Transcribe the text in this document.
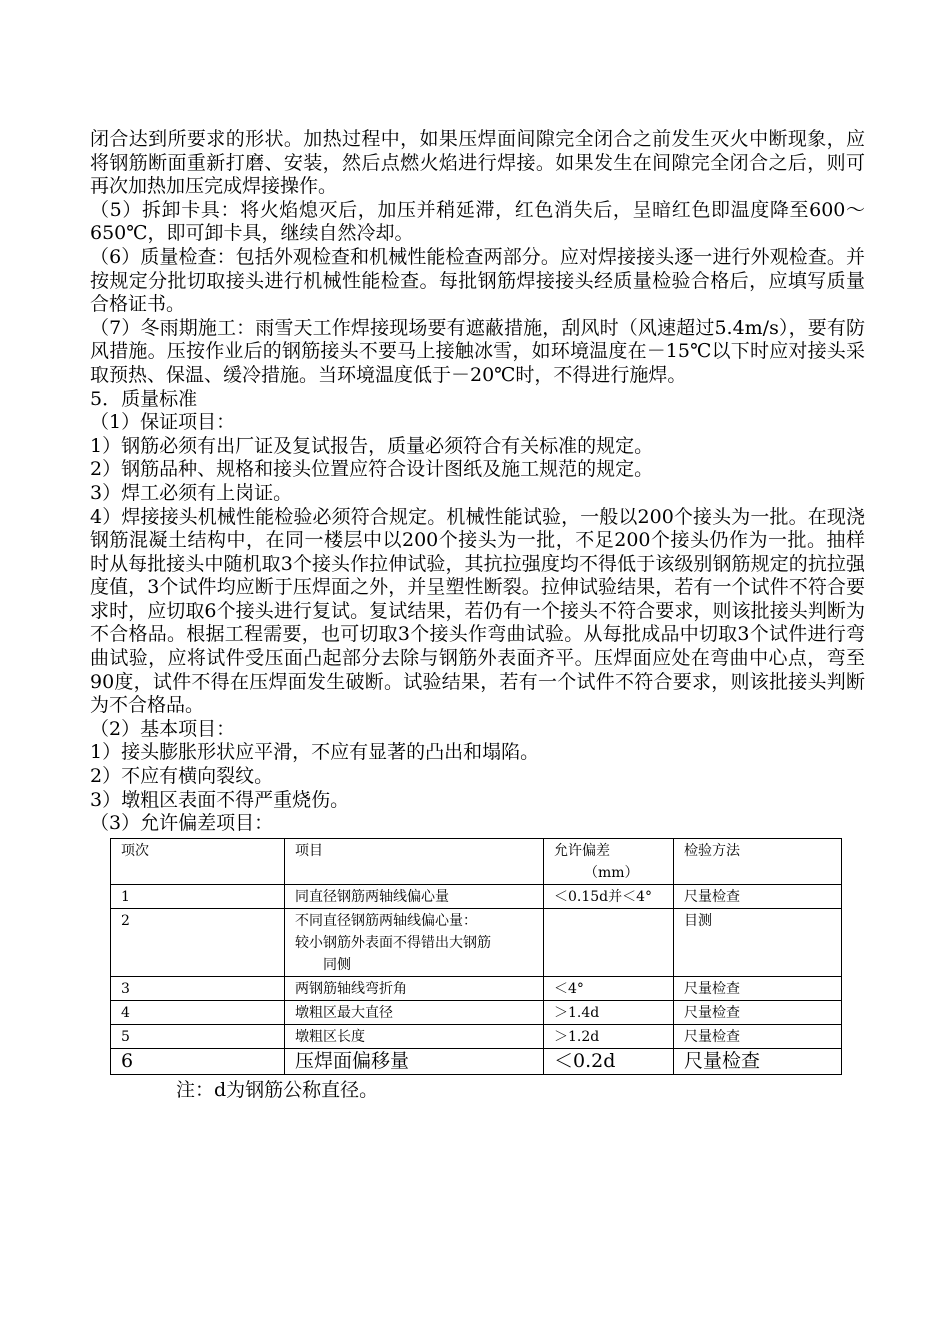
闭合达到所要求的形状。加热过程中，如果压焊面间隙完全闭合之前发生灭火中断现象，应将钢筋断面重新打磨、安装，然后点燃火焰进行焊接。如果发生在间隙完全闭合之后，则可再次加热加压完成焊接操作。

（5）拆卸卡具：将火焰熄灭后，加压并稍延滞，红色消失后，呈暗红色即温度降至600～650℃，即可卸卡具，继续自然冷却。

（6）质量检查：包括外观检查和机械性能检查两部分。应对焊接接头逐一进行外观检查。并按规定分批切取接头进行机械性能检查。每批钢筋焊接接头经质量检验合格后，应填写质量合格证书。

（7）冬雨期施工：雨雪天工作焊接现场要有遮蔽措施，刮风时（风速超过5.4m/s），要有防风措施。压按作业后的钢筋接头不要马上接触冰雪，如环境温度在－15℃以下时应对接头采取预热、保温、缓冷措施。当环境温度低于－20℃时，不得进行施焊。

5．质量标准

（1）保证项目：

1）钢筋必须有出厂证及复试报告，质量必须符合有关标准的规定。

2）钢筋品种、规格和接头位置应符合设计图纸及施工规范的规定。

3）焊工必须有上岗证。

4）焊接接头机械性能检验必须符合规定。机械性能试验，一般以200个接头为一批。在现浇钢筋混凝土结构中，在同一楼层中以200个接头为一批，不足200个接头仍作为一批。抽样时从每批接头中随机取3个接头作拉伸试验，其抗拉强度均不得低于该级别钢筋规定的抗拉强度值，3个试件均应断于压焊面之外，并呈塑性断裂。拉伸试验结果，若有一个试件不符合要求时，应切取6个接头进行复试。复试结果，若仍有一个接头不符合要求，则该批接头判断为不合格品。根据工程需要，也可切取3个接头作弯曲试验。从每批成品中切取3个试件进行弯曲试验，应将试件受压面凸起部分去除与钢筋外表面齐平。压焊面应处在弯曲中心点，弯至90度，试件不得在压焊面发生破断。试验结果，若有一个试件不符合要求，则该批接头判断为不合格品。

（2）基本项目：

1）接头膨胀形状应平滑，不应有显著的凸出和塌陷。

2）不应有横向裂纹。

3）墩粗区表面不得严重烧伤。

（3）允许偏差项目：

项次	项目	允许偏差
（mm）	检验方法
1	同直径钢筋两轴线偏心量	＜0.15d并＜4°	尺量检查
2	不同直径钢筋两轴线偏心量：
较小钢筋外表面不得错出大钢筋
同侧		目测
3	两钢筋轴线弯折角	＜4°	尺量检查
4	墩粗区最大直径	＞1.4d	尺量检查
5	墩粗区长度	＞1.2d	尺量检查
6	压焊面偏移量	＜0.2d	尺量检查

注：d为钢筋公称直径。
